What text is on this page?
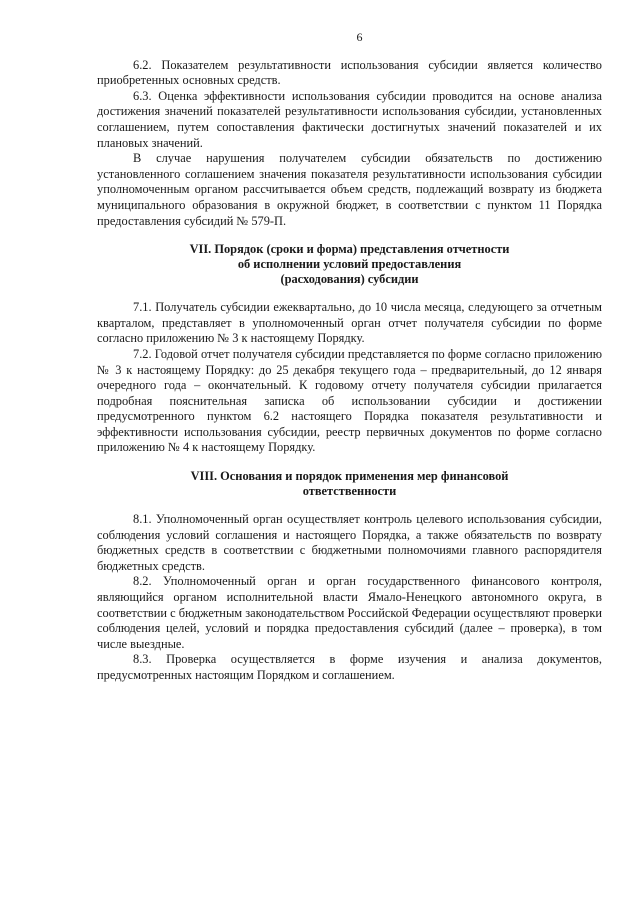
6

6.2. Показателем результативности использования субсидии является количество приобретенных основных средств.

6.3. Оценка эффективности использования субсидии проводится на основе анализа достижения значений показателей результативности использования субсидии, установленных соглашением, путем сопоставления фактически достигнутых значений показателей и их плановых значений.

В случае нарушения получателем субсидии обязательств по достижению установленного соглашением значения показателя результативности использования субсидии уполномоченным органом рассчитывается объем средств, подлежащий возврату из бюджета муниципального образования в окружной бюджет, в соответствии с пунктом 11 Порядка предоставления субсидий № 579-П.

VII. Порядок (сроки и форма) представления отчетности
об исполнении условий предоставления
(расходования) субсидии

7.1. Получатель субсидии ежеквартально, до 10 числа месяца, следующего за отчетным кварталом, представляет в уполномоченный орган отчет получателя субсидии по форме согласно приложению № 3 к настоящему Порядку.

7.2. Годовой отчет получателя субсидии представляется по форме согласно приложению № 3 к настоящему Порядку: до 25 декабря текущего года – предварительный, до 12 января очередного года – окончательный. К годовому отчету получателя субсидии прилагается подробная пояснительная записка об использовании субсидии и достижении предусмотренного пунктом 6.2 настоящего Порядка показателя результативности и эффективности использования субсидии, реестр первичных документов по форме согласно приложению № 4 к настоящему Порядку.

VIII. Основания и порядок применения мер финансовой
ответственности

8.1. Уполномоченный орган осуществляет контроль целевого использования субсидии, соблюдения условий соглашения и настоящего Порядка, а также обязательств по возврату бюджетных средств в соответствии с бюджетными полномочиями главного распорядителя бюджетных средств.

8.2. Уполномоченный орган и орган государственного финансового контроля, являющийся органом исполнительной власти Ямало-Ненецкого автономного округа, в соответствии с бюджетным законодательством Российской Федерации осуществляют проверки соблюдения целей, условий и порядка предоставления субсидий (далее – проверка), в том числе выездные.

8.3. Проверка осуществляется в форме изучения и анализа документов, предусмотренных настоящим Порядком и соглашением.
